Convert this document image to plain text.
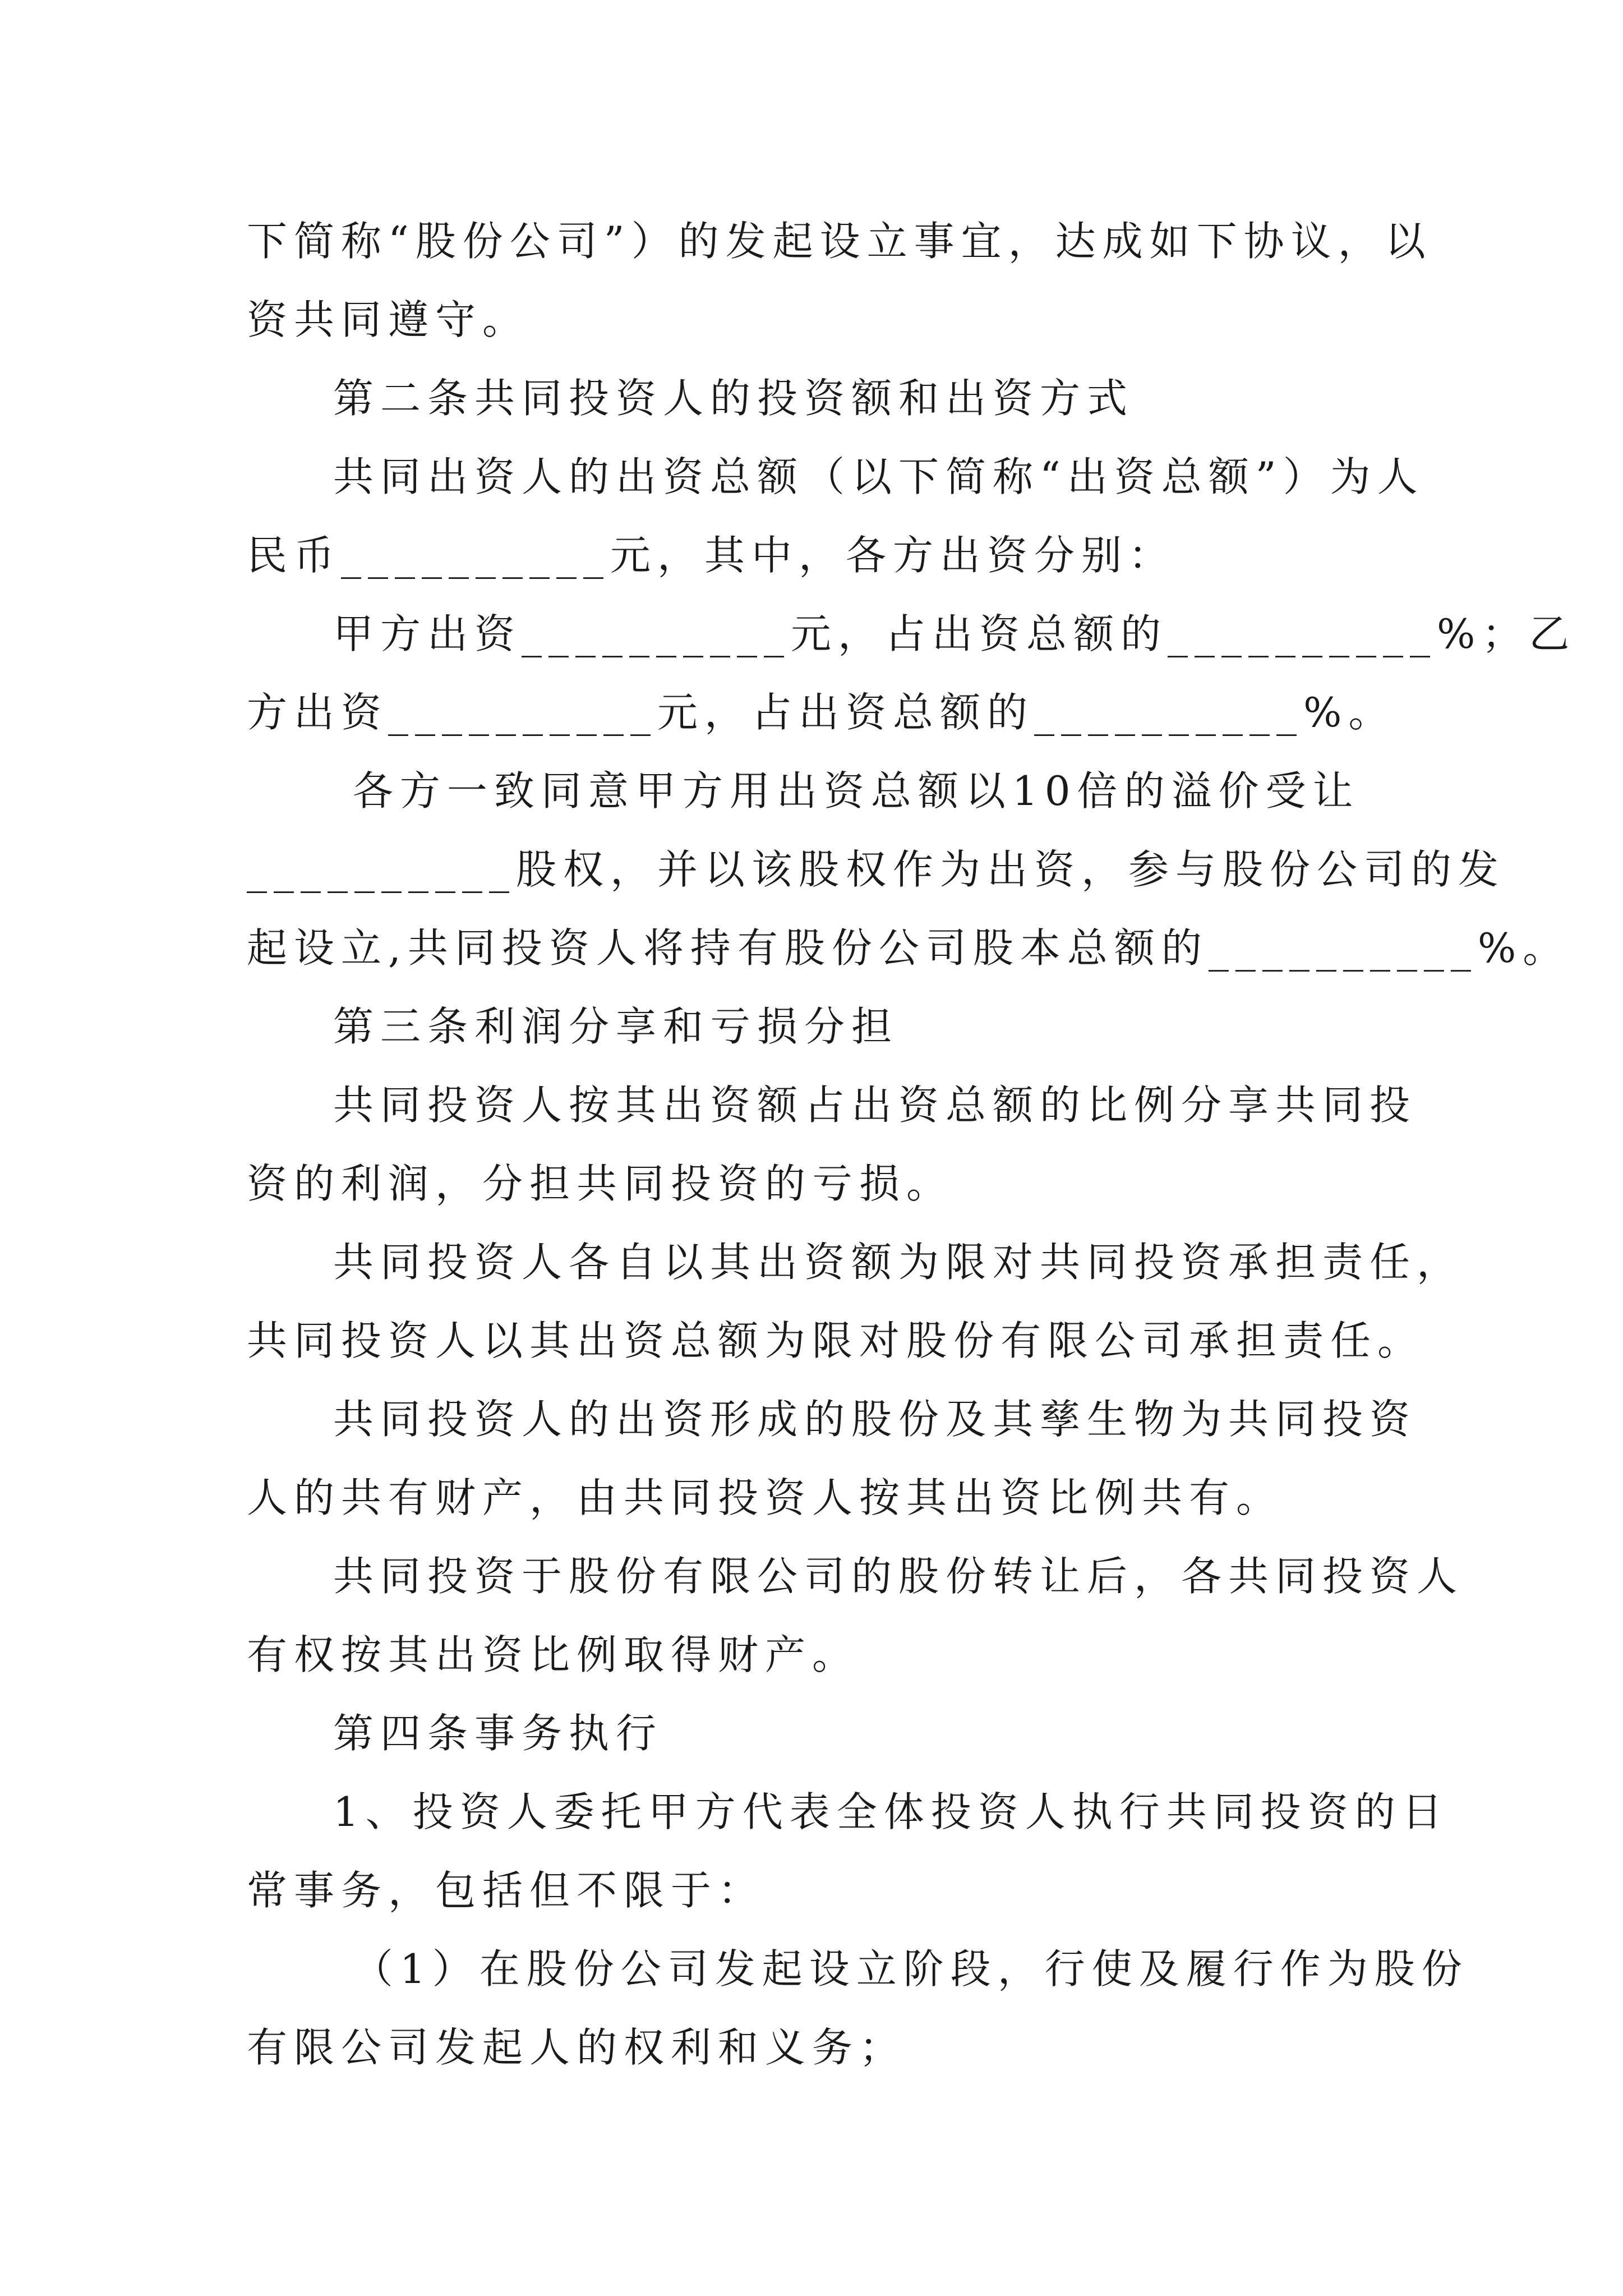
下简称“股份公司”）的发起设立事宜，达成如下协议，以
资共同遵守。
第二条共同投资人的投资额和出资方式
共同出资人的出资总额（以下简称“出资总额”）为人
民币__________元，其中，各方出资分别：
甲方出资__________元，占出资总额的__________%；乙
方出资__________元，占出资总额的__________%。
各方一致同意甲方用出资总额以10倍的溢价受让
__________股权，并以该股权作为出资，参与股份公司的发
起设立,共同投资人将持有股份公司股本总额的__________%。
第三条利润分享和亏损分担
共同投资人按其出资额占出资总额的比例分享共同投
资的利润，分担共同投资的亏损。
共同投资人各自以其出资额为限对共同投资承担责任，
共同投资人以其出资总额为限对股份有限公司承担责任。
共同投资人的出资形成的股份及其孳生物为共同投资
人的共有财产，由共同投资人按其出资比例共有。
共同投资于股份有限公司的股份转让后，各共同投资人
有权按其出资比例取得财产。
第四条事务执行
1、投资人委托甲方代表全体投资人执行共同投资的日
常事务，包括但不限于：
（1）在股份公司发起设立阶段，行使及履行作为股份
有限公司发起人的权利和义务；
